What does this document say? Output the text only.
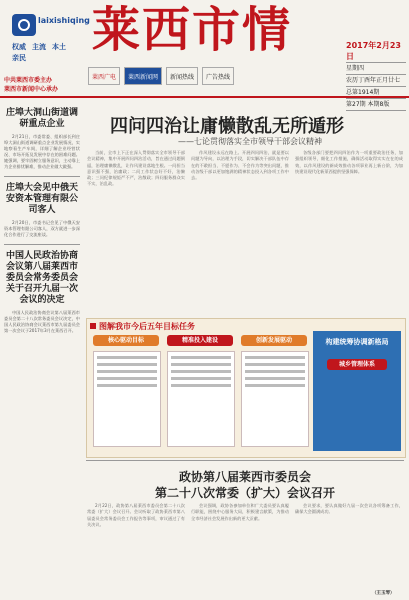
laixishiqing
权威 主流 本土
亲民
中共莱西市委主办
莱西市新闻中心承办
莱西市情	2017年2月23日
星期四
农历丁酉年正月廿七
总第1914期
第27期 本期8版
莱西广电	莱西新闻网	新闻热线	广告热线
庄埠大洞山街道调研重点企业
2月21日，市委常委、组织部长到庄埠大洞山街道调研重点企业发展情况，实地察看生产车间，详细了解企业经营状况、市场开拓及发展中存在的困难问题。她强调，要牢固树立服务意识，主动靠上为企业排忧解难，推动企业做大做强。
庄埠大会见中俄天安资本管理有限公司客人
2月20日，市委书记会见了中俄天安资本管理有限公司客人，双方就进一步深化合作进行了交流座谈。
中国人民政治协商会议第八届莱西市委员会常务委员会关于召开九届一次会议的决定
中国人民政治协商会议第八届莱西市委员会第二十八次常务委员会议决定，中国人民政治协商会议莱西市第九届委员会第一次会议于2017年3月在莱西召开。
四问四治让庸懒散乱无所遁形
——七论贯彻落实全市领导干部会议精神
当前，全市上下正在深入贯彻落实全市领导干部会议精神，集中开展四问四治活动，旨在通过问题倒逼，治理庸懒散乱，让作风建设落地生根。一问担当意识强不强，治庸政；二问工作状态好不好，治懒政；三问纪律规矩严不严，治散政；四问服务群众实不实，治乱政。
作风建设永远在路上。开展四问四治，就是要以问题为导向，以治理为手段，切实解决干部队伍中存在的不敢担当、不愿作为、不会作为等突出问题，推动各级干部以更加饱满的精神状态投入到各项工作中去。
各级各部门要把四问四治作为一项重要政治任务，加强组织领导，细化工作措施，确保活动取得实实在在的成效，以作风建设的新成效推动各项事业再上新台阶，为加快建设现代化新莱西提供坚强保障。
图解我市今后五年目标任务
核心驱动目标	精准投入建设	创新发展驱动	构建统筹协调新格局
城乡管理体系
政协第八届莱西市委员会
第二十八次常委（扩大）会议召开
2月22日，政协第八届莱西市委员会第二十八次常委（扩大）会议召开。会议听取了政协莱西市第八届委员会常务委员会工作报告等事项，审议通过了有关决议。
会议强调，政协各参加单位和广大委员要认真履行职能，围绕中心服务大局，积极建言献策，为推动全市经济社会发展作出新的更大贡献。
会议要求，要认真做好九届一次会议各项筹备工作，确保大会圆满成功。
（王玉琴）
